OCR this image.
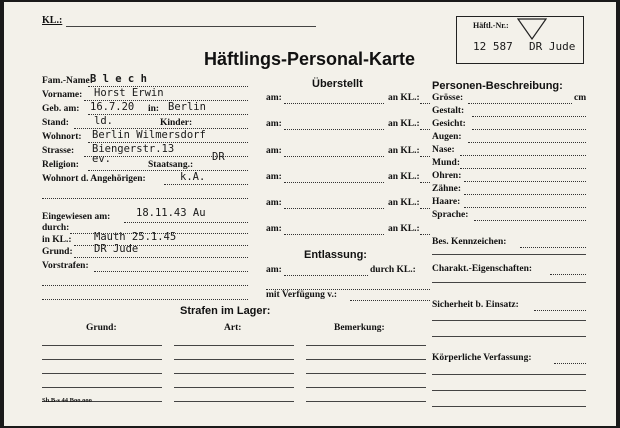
KL.:
Häftlings-Personal-Karte
Häftl.-Nr.:
12 587 DR Jude
Fam.-Name:
B l e c h
Vorname: Horst Erwin
Geb. am: 16.7.20 in: Berlin
Stand: ld.	Kinder:
Wohnort: Berlin Wilmersdorf
Strasse: Biengerstr.13
Religion: ev.	Staatsang.:
DR
Wohnort d. Angehörigen:	k.A.
Eingewiesen am: 18.11.43 Au
durch:
in KL.: Mauth 25.1.45
Grund: DR Jude
Vorstrafen:
Überstellt
am:	an KL.:
am:	an KL.:
am:	an KL.:
am:	an KL.:
am:	an KL.:
am:	an KL.:
Entlassung:
am:	durch KL.:
mit Verfügung v.:
Strafen im Lager:
Grund:	Art:	Bemerkung:
Sh.B-s 44 Boo.ooo
Personen-Beschreibung:
Grösse:	cm
Gestalt:
Gesicht:
Augen:
Nase:
Mund:
Ohren:
Zähne:
Haare:
Sprache:
Bes. Kennzeichen:
Charakt.-Eigenschaften:
Sicherheit b. Einsatz:
Körperliche Verfassung:
